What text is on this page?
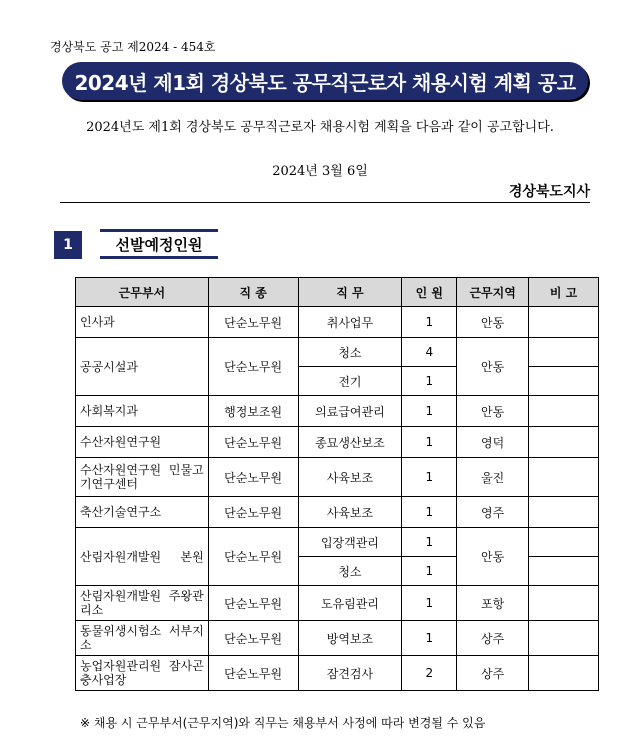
경상북도 공고 제2024 - 454호
2024년 제1회 경상북도 공무직근로자 채용시험 계획 공고
2024년도 제1회 경상북도 공무직근로자 채용시험 계획을 다음과 같이 공고합니다.
2024년 3월 6일
경상북도지사
1	선발예정인원
근무부서	직 종	직 무	인 원	근무지역	비 고
인사과	단순노무원	취사업무	1	안동	
공공시설과	단순노무원	청소	4	안동	
		전기	1		
사회복지과	행정보조원	의료급여관리	1	안동	
수산자원연구원	단순노무원	종묘생산보조	1	영덕	
수산자원연구원 민물고기연구센터	단순노무원	사육보조	1	울진	
축산기술연구소	단순노무원	사육보조	1	영주	
산림자원개발원 본원	단순노무원	입장객관리	1	안동	
		청소	1		
산림자원개발원 주왕관리소	단순노무원	도유림관리	1	포항	
동물위생시험소 서부지소	단순노무원	방역보조	1	상주	
농업자원관리원 잠사곤충사업장	단순노무원	잠견검사	2	상주	
※ 채용 시 근무부서(근무지역)와 직무는 채용부서 사정에 따라 변경될 수 있음
